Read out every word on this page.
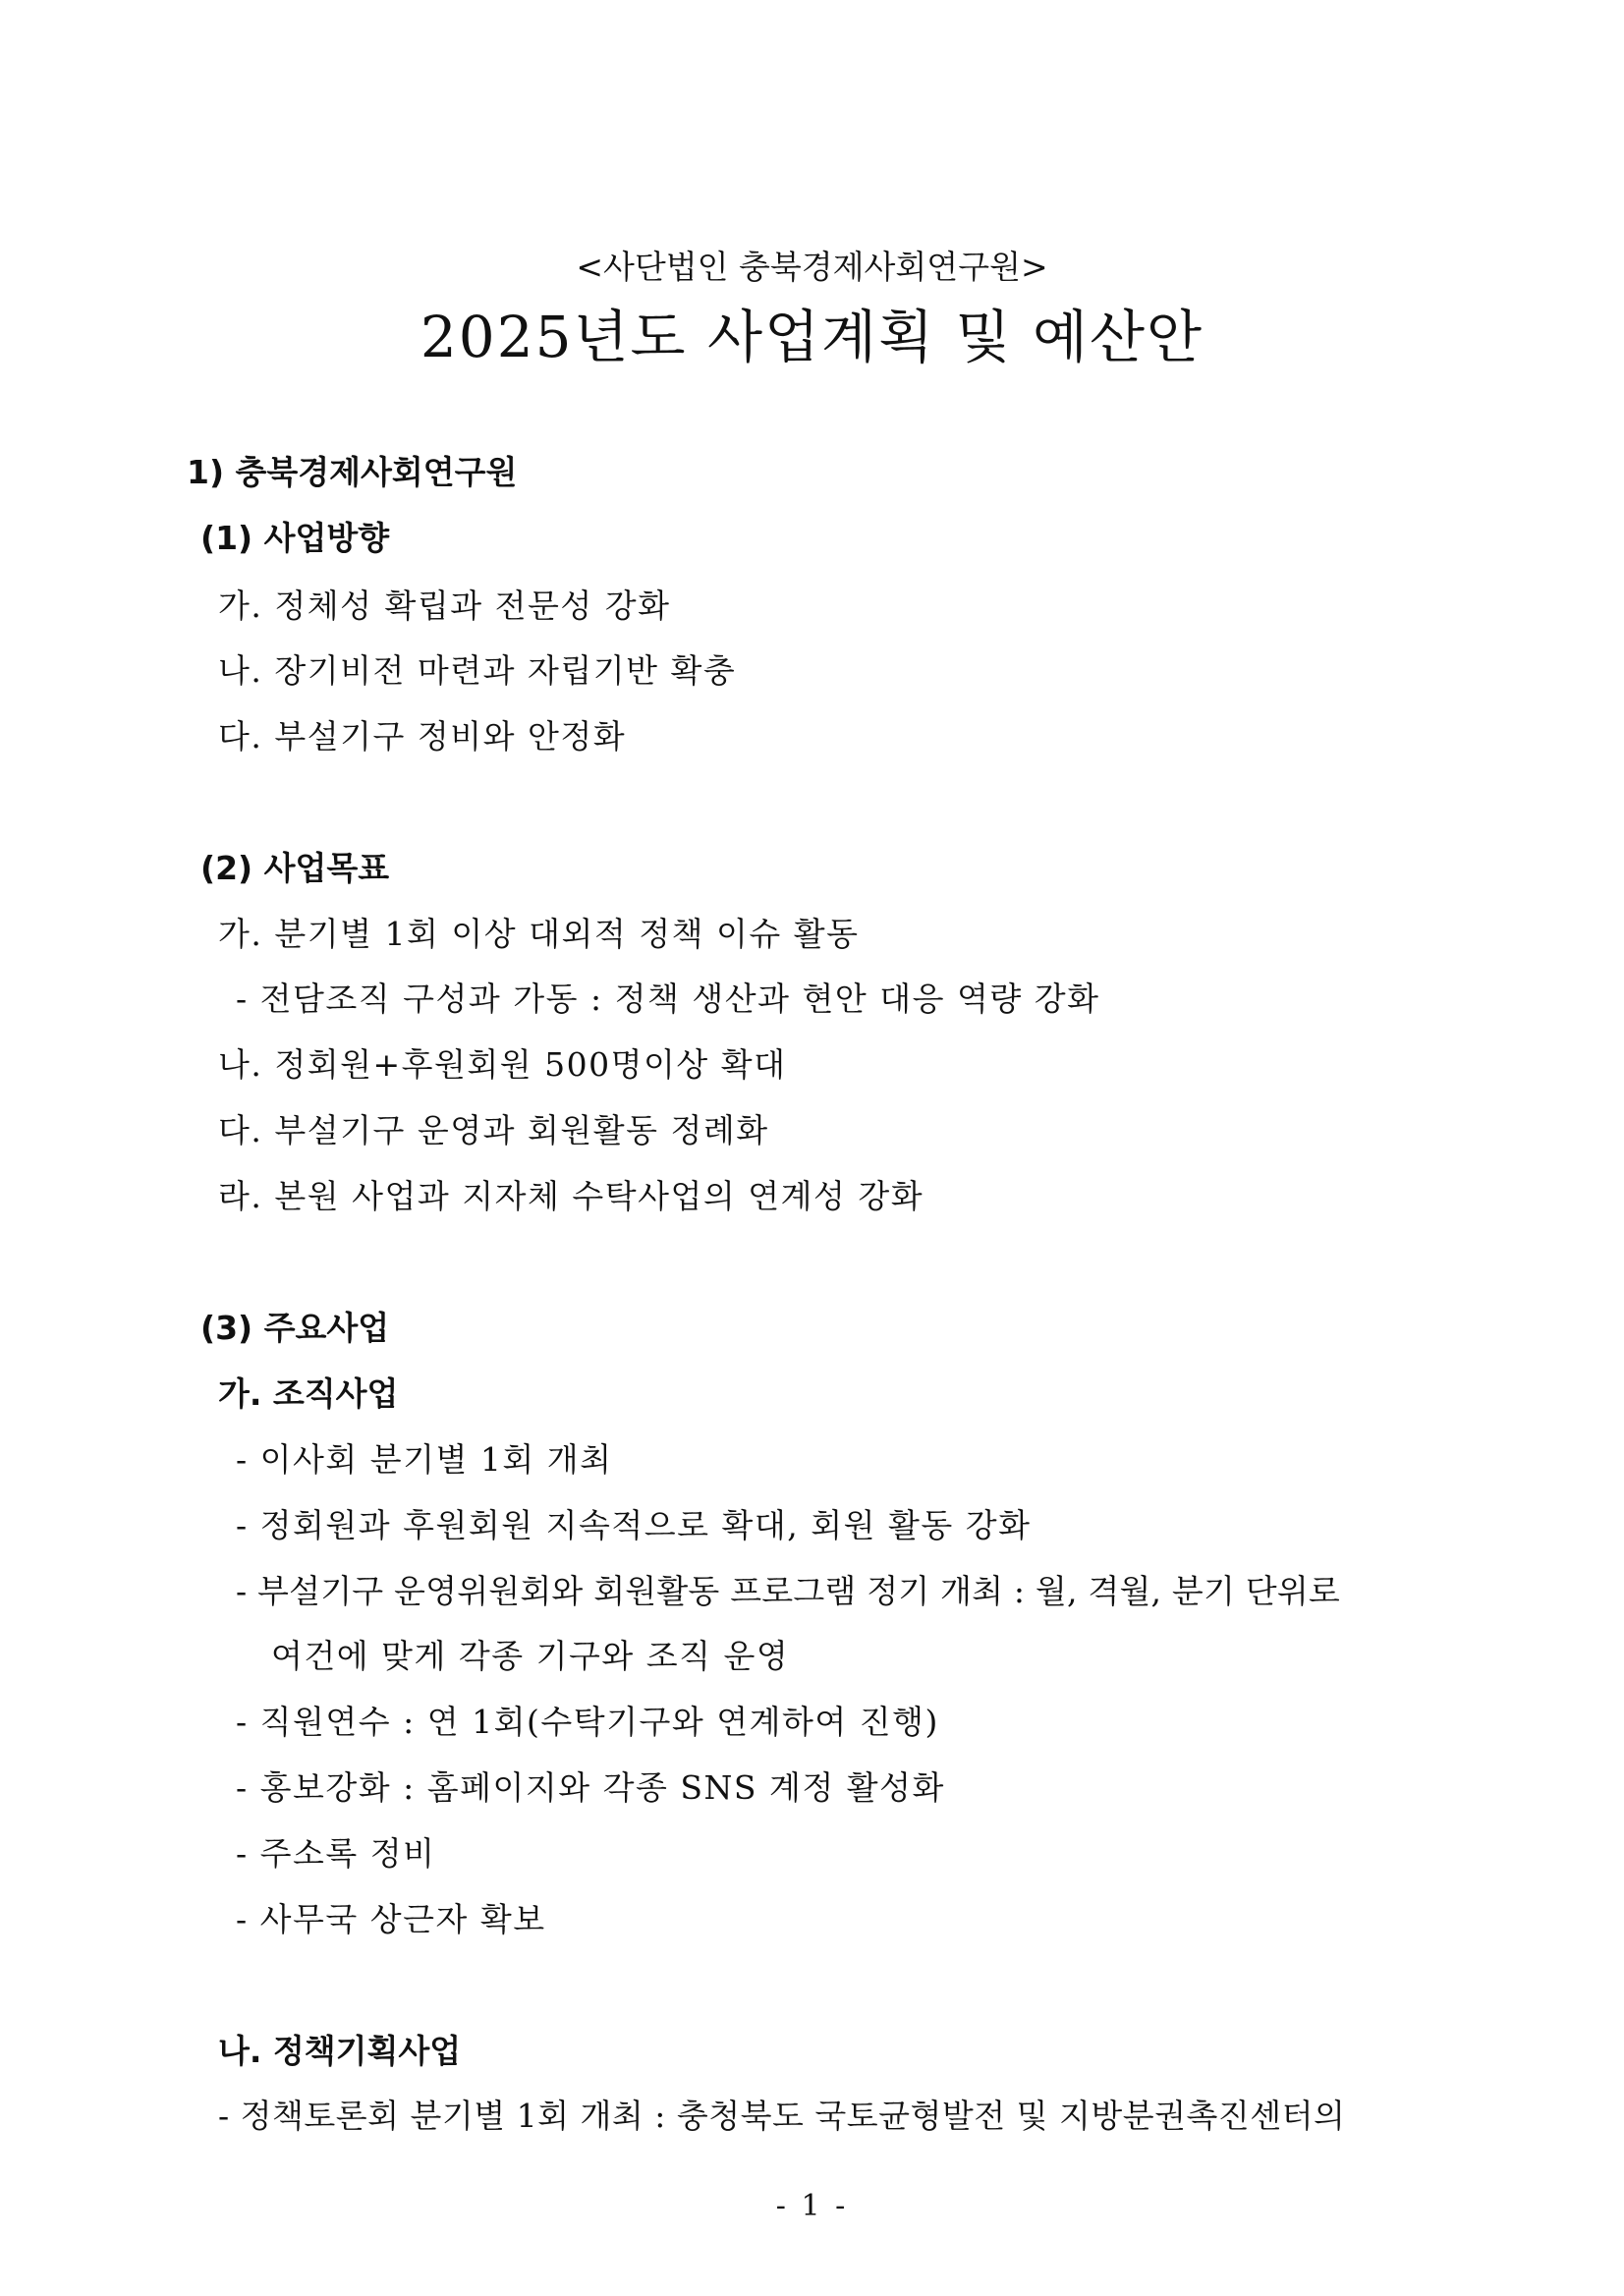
<사단법인 충북경제사회연구원>
2025년도 사업계획 및 예산안
1) 충북경제사회연구원
(1) 사업방향
가. 정체성 확립과 전문성 강화
나. 장기비전 마련과 자립기반 확충
다. 부설기구 정비와 안정화
(2) 사업목표
가. 분기별 1회 이상 대외적 정책 이슈 활동
- 전담조직 구성과 가동 : 정책 생산과 현안 대응 역량 강화
나. 정회원+후원회원 500명이상 확대
다. 부설기구 운영과 회원활동 정례화
라. 본원 사업과 지자체 수탁사업의 연계성 강화
(3) 주요사업
가. 조직사업
- 이사회 분기별 1회 개최
- 정회원과 후원회원 지속적으로 확대, 회원 활동 강화
- 부설기구 운영위원회와 회원활동 프로그램 정기 개최 : 월, 격월, 분기 단위로
여건에 맞게 각종 기구와 조직 운영
- 직원연수 : 연 1회(수탁기구와 연계하여 진행)
- 홍보강화 : 홈페이지와 각종 SNS 계정 활성화
- 주소록 정비
- 사무국 상근자 확보
나. 정책기획사업
- 정책토론회 분기별 1회 개최 : 충청북도 국토균형발전 및 지방분권촉진센터의
- 1 -
